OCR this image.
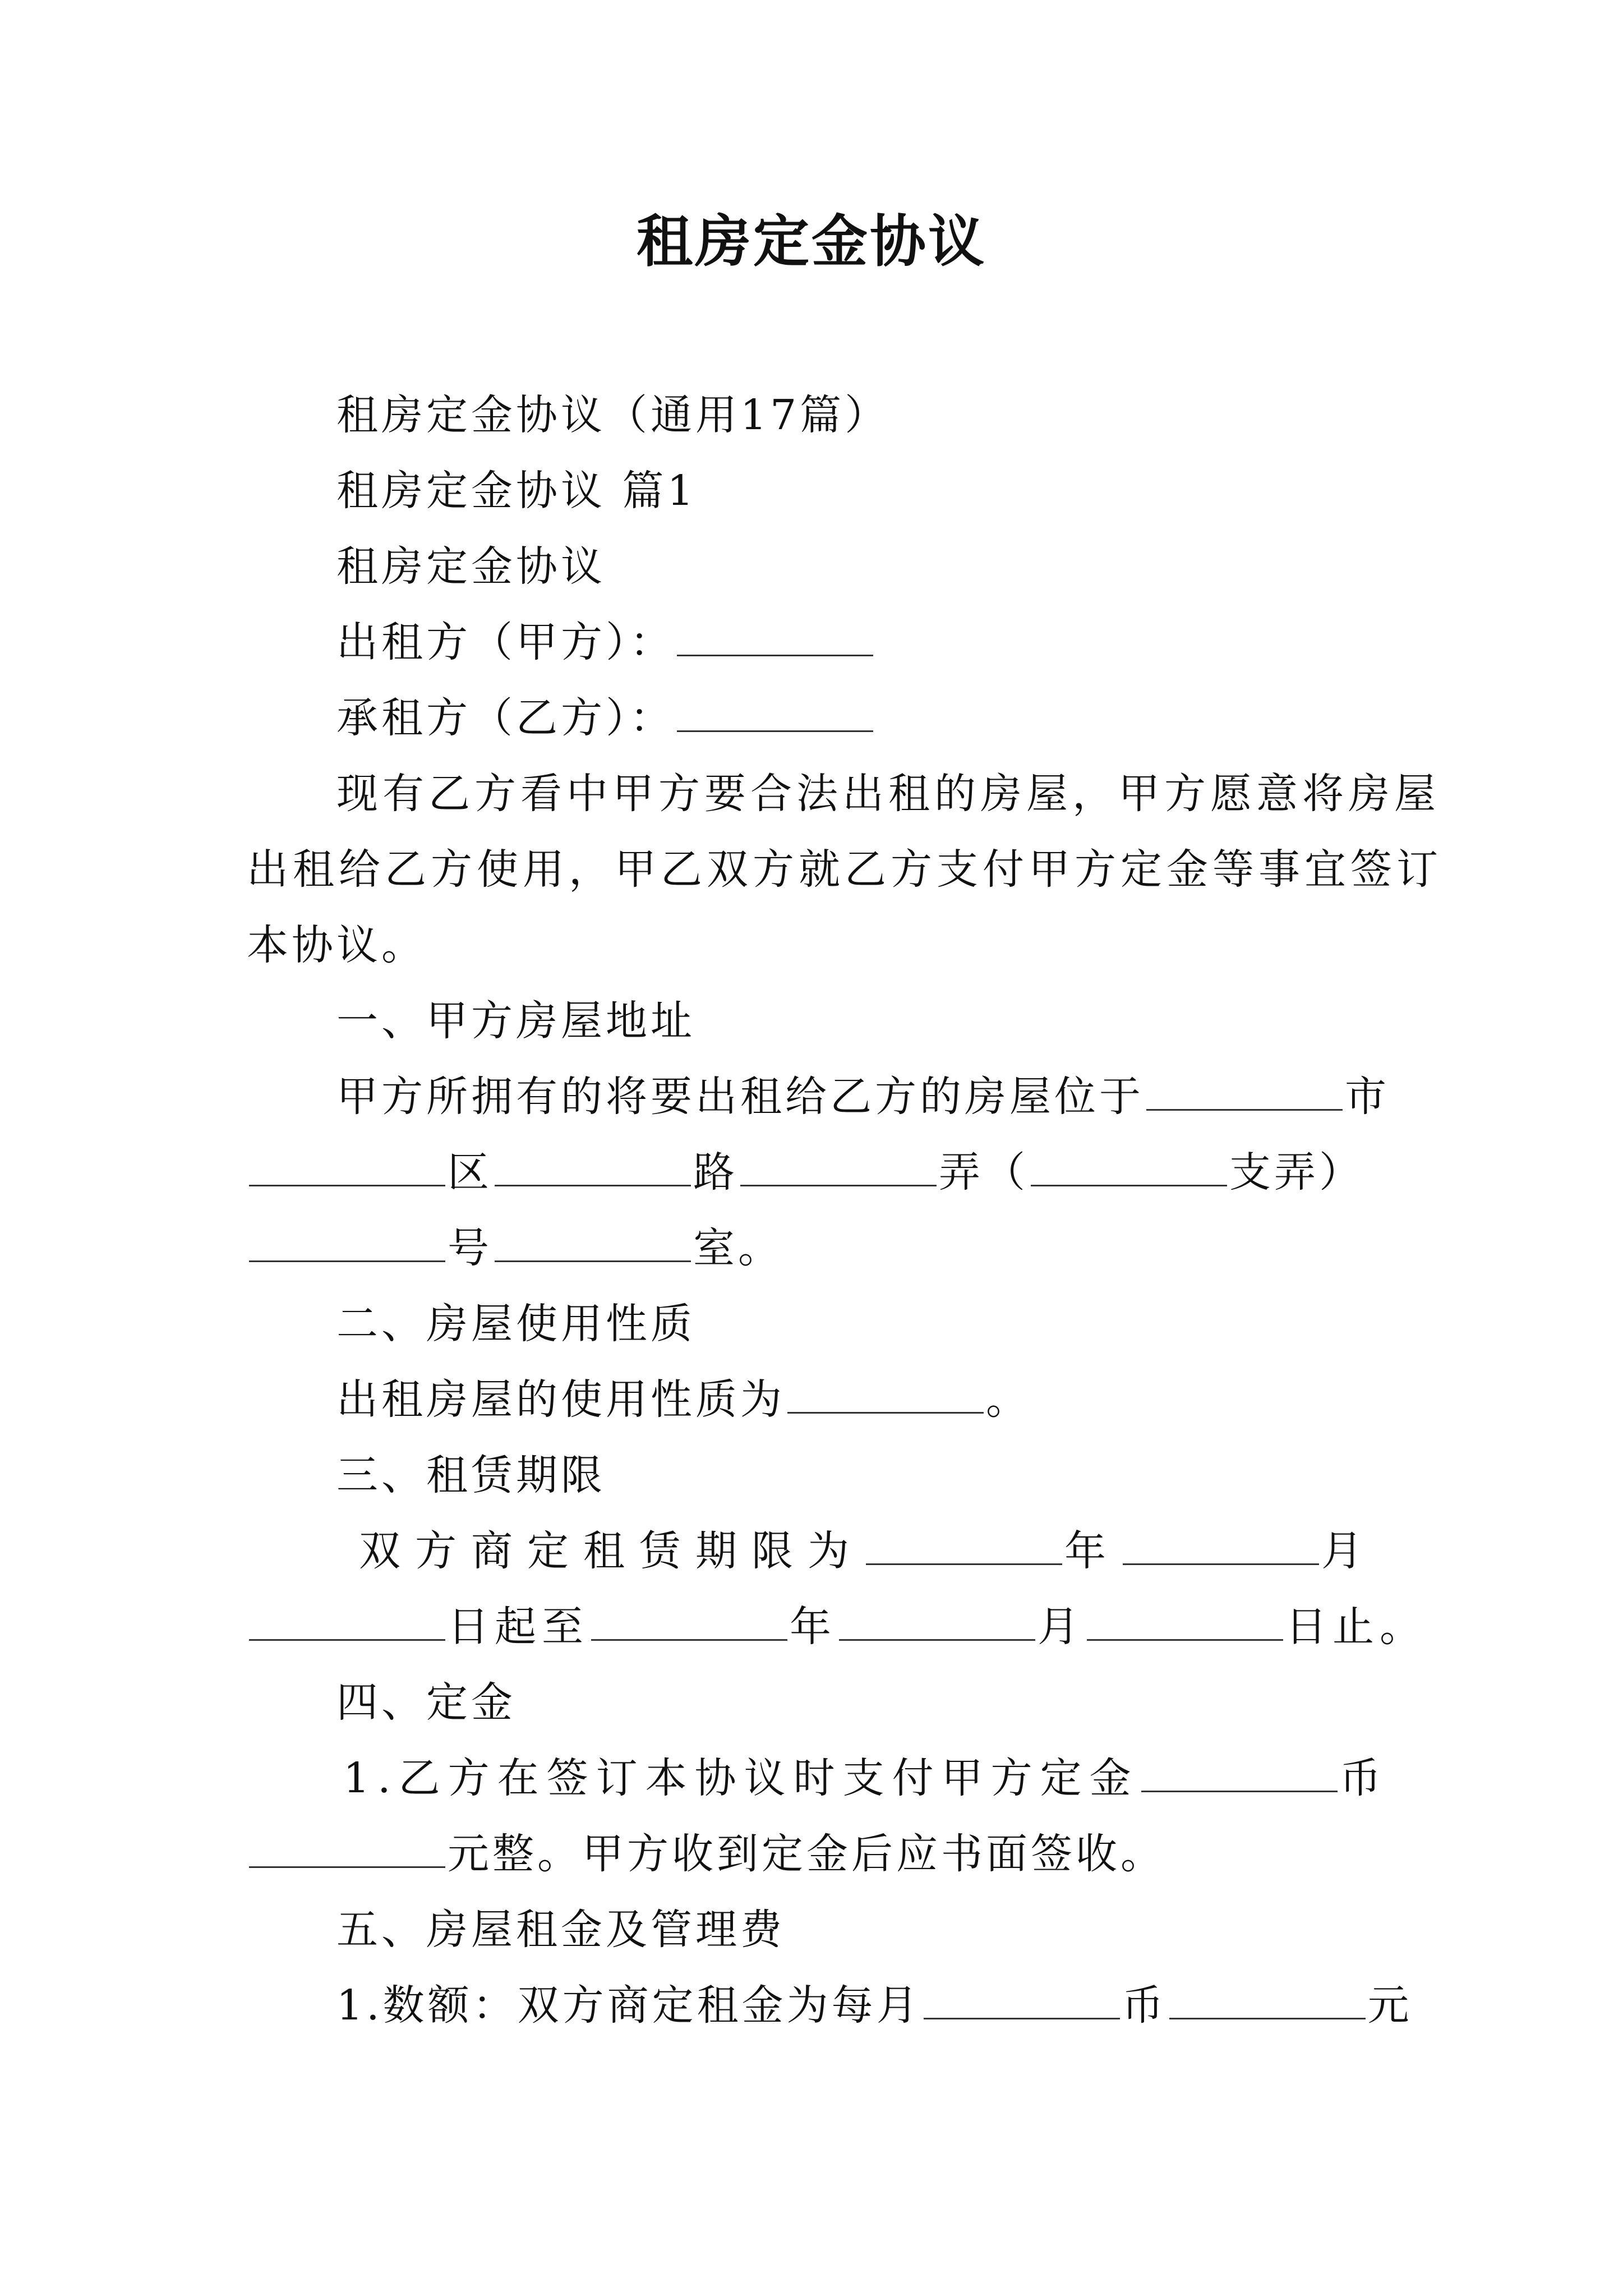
租房定金协议
租房定金协议（通用17篇）
租房定金协议 篇1
租房定金协议
出租方（甲方）：
承租方（乙方）：
现有乙方看中甲方要合法出租的房屋，甲方愿意将房屋
出租给乙方使用，甲乙双方就乙方支付甲方定金等事宜签订
本协议。
一、甲方房屋地址
甲方所拥有的将要出租给乙方的房屋位于	市
区	路	弄（	支弄）
号	室。
二、房屋使用性质
出租房屋的使用性质为	。
三、租赁期限
双方商定租赁期限为	年	月
日起至	年	月	日止。
四、定金
1.乙方在签订本协议时支付甲方定金	币
元整。甲方收到定金后应书面签收。
五、房屋租金及管理费
1.数额：双方商定租金为每月	币	元
